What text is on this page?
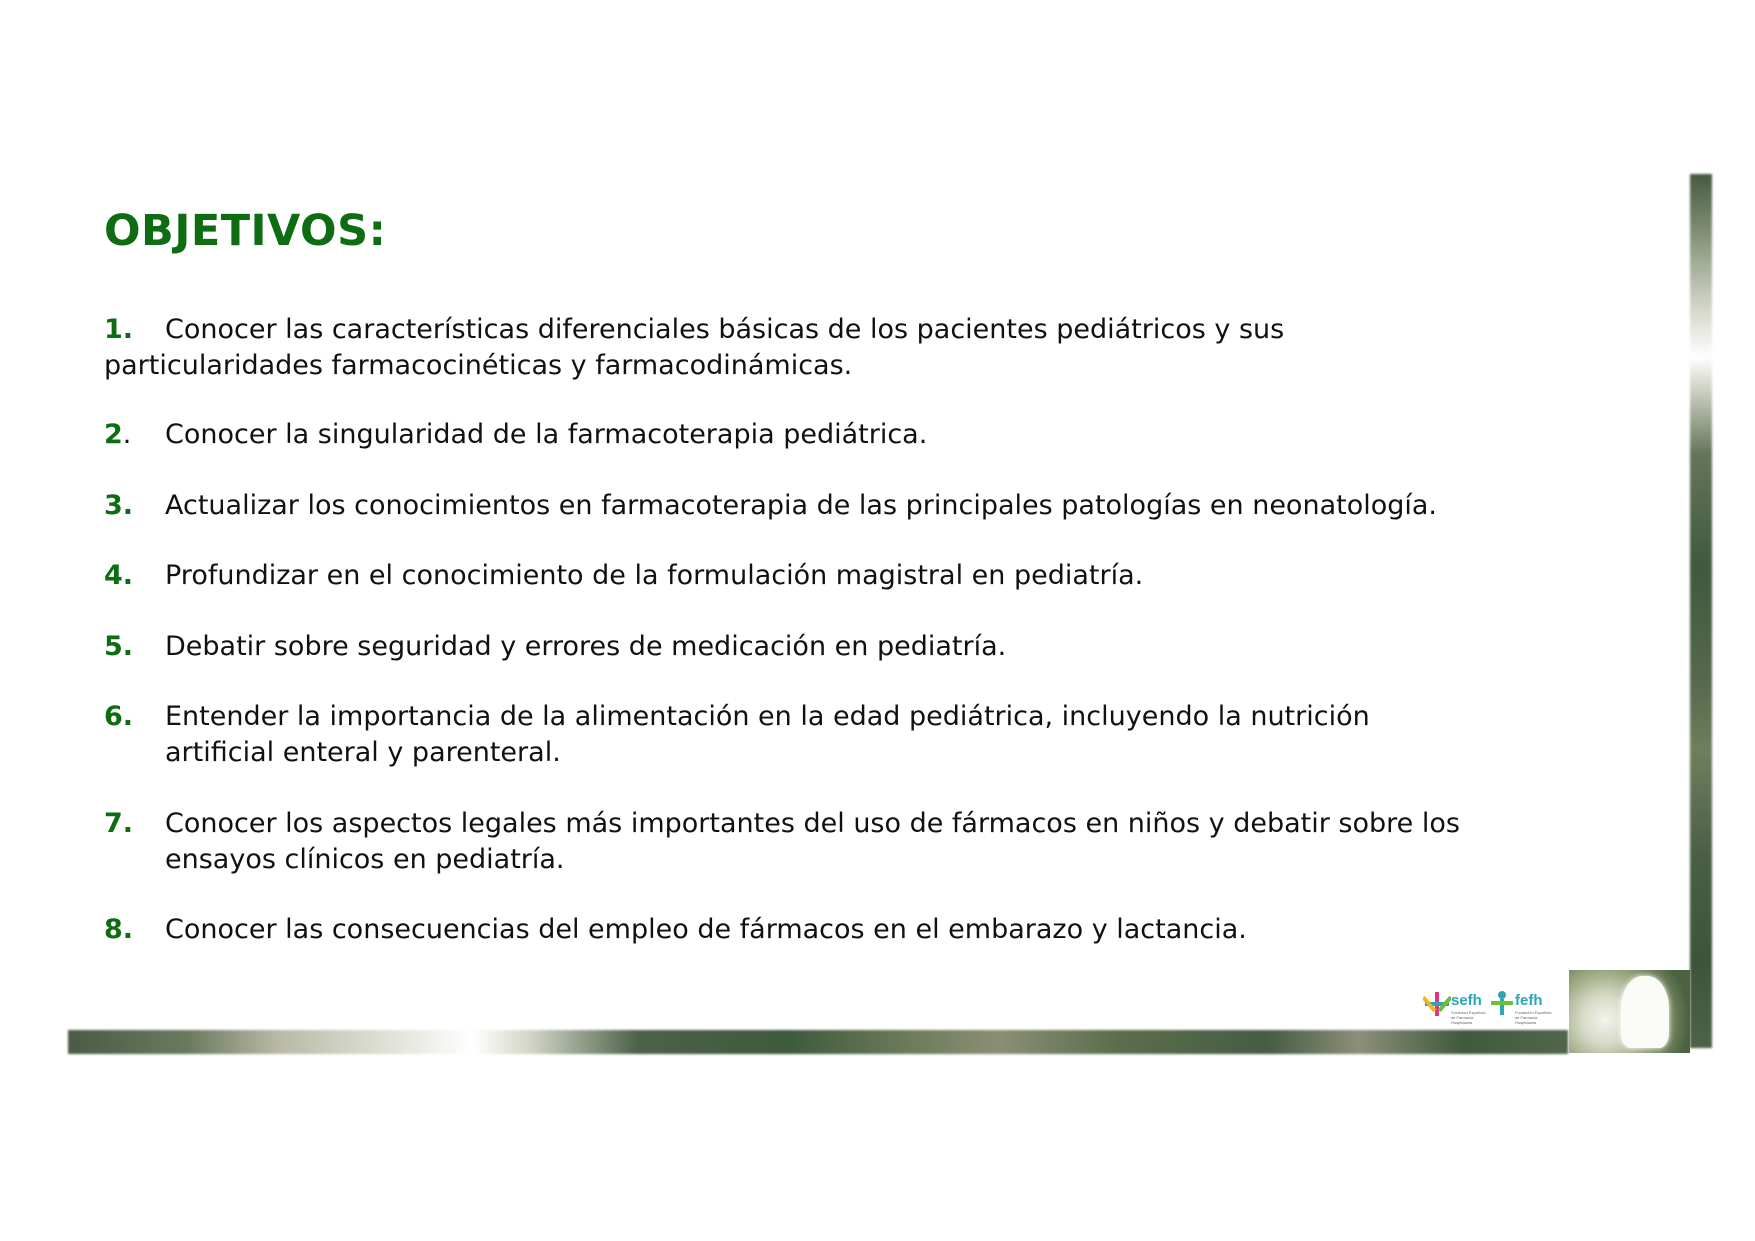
OBJETIVOS:
1. Conocer las características diferenciales básicas de los pacientes pediátricos y sus
particularidades farmacocinéticas y farmacodinámicas.
2. Conocer la singularidad de la farmacoterapia pediátrica.
3. Actualizar los conocimientos en farmacoterapia de las principales patologías en neonatología.
4. Profundizar en el conocimiento de la formulación magistral en pediatría.
5. Debatir sobre seguridad y errores de medicación en pediatría.
6. Entender la importancia de la alimentación en la edad pediátrica, incluyendo la nutrición
artificial enteral y parenteral.
7. Conocer los aspectos legales más importantes del uso de fármacos en niños y debatir sobre los
ensayos clínicos en pediatría.
8. Conocer las consecuencias del empleo de fármacos en el embarazo y lactancia.
sefh
Sociedad Española de Farmacia Hospitalaria
fefh
Fundación Española de Farmacia Hospitalaria
